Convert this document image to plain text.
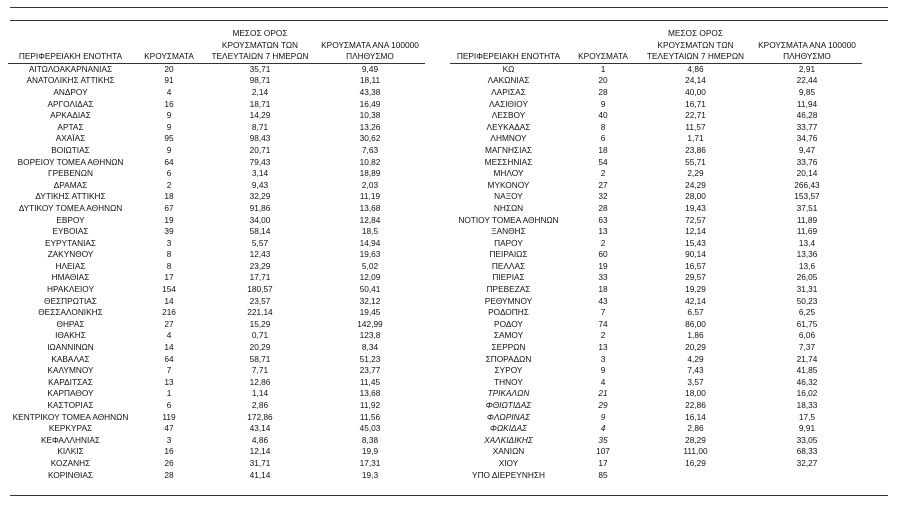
ΠΕΡΙΦΕΡΕΙΑΚΗ ΕΝΟΤΗΤΑ	ΚΡΟΥΣΜΑΤΑ	ΜΕΣΟΣ ΟΡΟΣ
ΚΡΟΥΣΜΑΤΩΝ ΤΩΝ
ΤΕΛΕΥΤΑΙΩΝ 7 ΗΜΕΡΩΝ	ΚΡΟΥΣΜΑΤΑ ΑΝΑ 100000
ΠΛΗΘΥΣΜΟ
ΑΙΤΩΛΟΑΚΑΡΝΑΝΙΑΣ	20	35,71	9,49
ΑΝΑΤΟΛΙΚΗΣ ΑΤΤΙΚΗΣ	91	98,71	18,11
ΑΝΔΡΟΥ	4	2,14	43,38
ΑΡΓΟΛΙΔΑΣ	16	18,71	16,49
ΑΡΚΑΔΙΑΣ	9	14,29	10,38
ΑΡΤΑΣ	9	8,71	13,26
ΑΧΑΪΑΣ	95	98,43	30,62
ΒΟΙΩΤΙΑΣ	9	20,71	7,63
ΒΟΡΕΙΟΥ ΤΟΜΕΑ ΑΘΗΝΩΝ	64	79,43	10,82
ΓΡΕΒΕΝΩΝ	6	3,14	18,89
ΔΡΑΜΑΣ	2	9,43	2,03
ΔΥΤΙΚΗΣ ΑΤΤΙΚΗΣ	18	32,29	11,19
ΔΥΤΙΚΟΥ ΤΟΜΕΑ ΑΘΗΝΩΝ	67	91,86	13,68
ΕΒΡΟΥ	19	34,00	12,84
ΕΥΒΟΙΑΣ	39	58,14	18,5
ΕΥΡΥΤΑΝΙΑΣ	3	5,57	14,94
ΖΑΚΥΝΘΟΥ	8	12,43	19,63
ΗΛΕΙΑΣ	8	23,29	5,02
ΗΜΑΘΙΑΣ	17	17,71	12,09
ΗΡΑΚΛΕΙΟΥ	154	180,57	50,41
ΘΕΣΠΡΩΤΙΑΣ	14	23,57	32,12
ΘΕΣΣΑΛΟΝΙΚΗΣ	216	221,14	19,45
ΘΗΡΑΣ	27	15,29	142,99
ΙΘΑΚΗΣ	4	0,71	123,8
ΙΩΑΝΝΙΝΩΝ	14	20,29	8,34
ΚΑΒΑΛΑΣ	64	58,71	51,23
ΚΑΛΥΜΝΟΥ	7	7,71	23,77
ΚΑΡΔΙΤΣΑΣ	13	12,86	11,45
ΚΑΡΠΑΘΟΥ	1	1,14	13,68
ΚΑΣΤΟΡΙΑΣ	6	2,86	11,92
ΚΕΝΤΡΙΚΟΥ ΤΟΜΕΑ ΑΘΗΝΩΝ	119	172,86	11,56
ΚΕΡΚΥΡΑΣ	47	43,14	45,03
ΚΕΦΑΛΛΗΝΙΑΣ	3	4,86	8,38
ΚΙΛΚΙΣ	16	12,14	19,9
ΚΟΖΑΝΗΣ	26	31,71	17,31
ΚΟΡΙΝΘΙΑΣ	28	41,14	19,3
ΠΕΡΙΦΕΡΕΙΑΚΗ ΕΝΟΤΗΤΑ	ΚΡΟΥΣΜΑΤΑ	ΜΕΣΟΣ ΟΡΟΣ
ΚΡΟΥΣΜΑΤΩΝ ΤΩΝ
ΤΕΛΕΥΤΑΙΩΝ 7 ΗΜΕΡΩΝ	ΚΡΟΥΣΜΑΤΑ ΑΝΑ 100000
ΠΛΗΘΥΣΜΟ
ΚΩ	1	4,86	2,91
ΛΑΚΩΝΙΑΣ	20	24,14	22,44
ΛΑΡΙΣΑΣ	28	40,00	9,85
ΛΑΣΙΘΙΟΥ	9	16,71	11,94
ΛΕΣΒΟΥ	40	22,71	46,28
ΛΕΥΚΑΔΑΣ	8	11,57	33,77
ΛΗΜΝΟΥ	6	1,71	34,76
ΜΑΓΝΗΣΙΑΣ	18	23,86	9,47
ΜΕΣΣΗΝΙΑΣ	54	55,71	33,76
ΜΗΛΟΥ	2	2,29	20,14
ΜΥΚΟΝΟΥ	27	24,29	266,43
ΝΑΞΟΥ	32	28,00	153,57
ΝΗΣΩΝ	28	19,43	37,51
ΝΟΤΙΟΥ ΤΟΜΕΑ ΑΘΗΝΩΝ	63	72,57	11,89
ΞΑΝΘΗΣ	13	12,14	11,69
ΠΑΡΟΥ	2	15,43	13,4
ΠΕΙΡΑΙΩΣ	60	90,14	13,36
ΠΕΛΛΑΣ	19	16,57	13,6
ΠΙΕΡΙΑΣ	33	29,57	26,05
ΠΡΕΒΕΖΑΣ	18	19,29	31,31
ΡΕΘΥΜΝΟΥ	43	42,14	50,23
ΡΟΔΟΠΗΣ	7	6,57	6,25
ΡΟΔΟΥ	74	86,00	61,75
ΣΑΜΟΥ	2	1,86	6,06
ΣΕΡΡΩΝ	13	20,29	7,37
ΣΠΟΡΑΔΩΝ	3	4,29	21,74
ΣΥΡΟΥ	9	7,43	41,85
ΤΗΝΟΥ	4	3,57	46,32
ΤΡΙΚΑΛΩΝ	21	18,00	16,02
ΦΘΙΩΤΙΔΑΣ	29	22,86	18,33
ΦΛΩΡΙΝΑΣ	9	16,14	17,5
ΦΩΚΙΔΑΣ	4	2,86	9,91
ΧΑΛΚΙΔΙΚΗΣ	35	28,29	33,05
ΧΑΝΙΩΝ	107	111,00	68,33
ΧΙΟΥ	17	16,29	32,27
ΥΠΟ ΔΙΕΡΕΥΝΗΣΗ	85		
